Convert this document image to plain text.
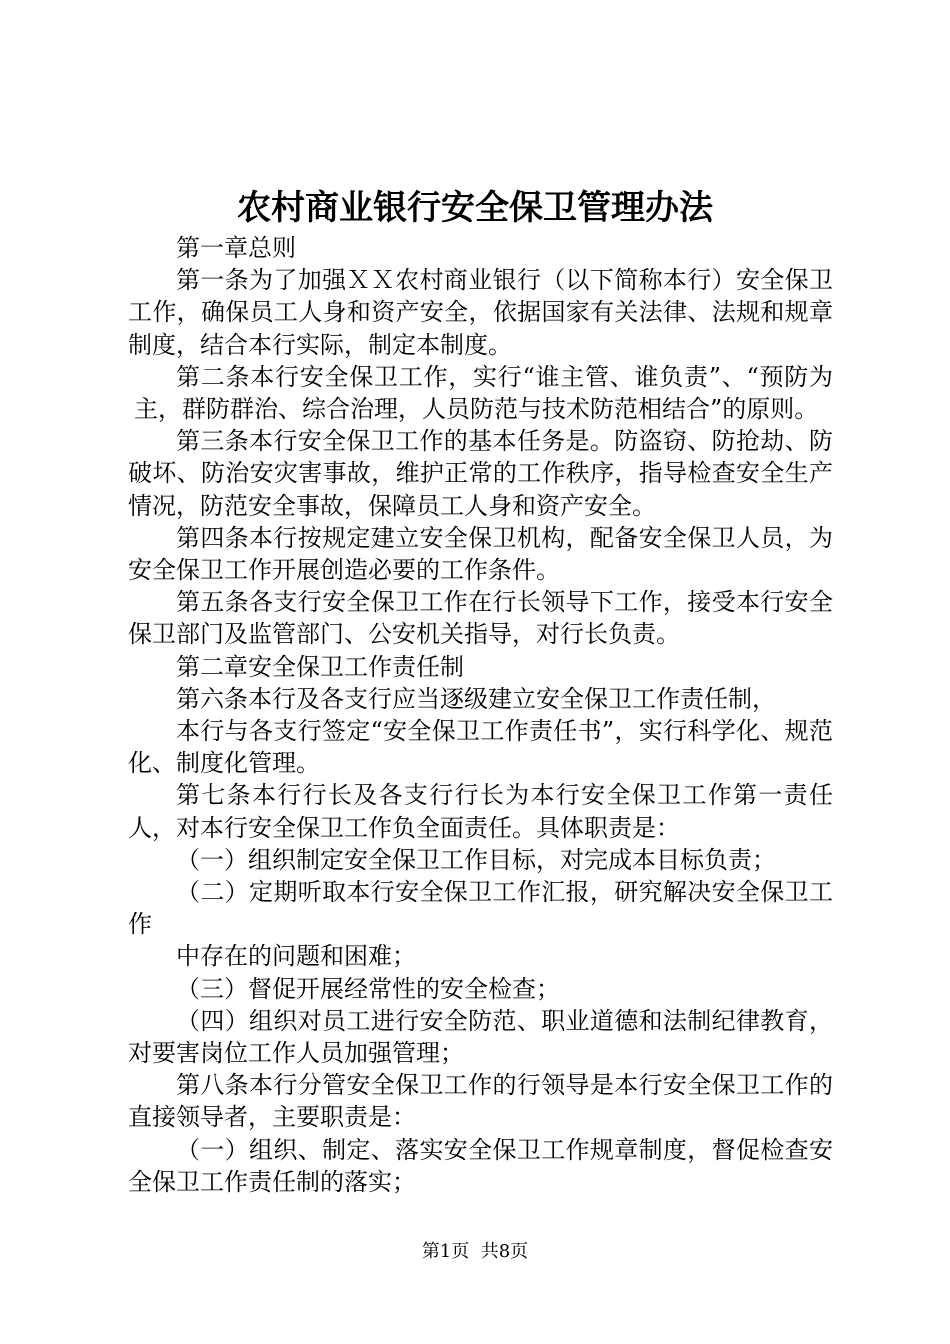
农村商业银行安全保卫管理办法

第一章总则

第一条为了加强ＸＸ农村商业银行（以下简称本行）安全保卫工作，确保员工人身和资产安全，依据国家有关法律、法规和规章制度，结合本行实际，制定本制度。

第二条本行安全保卫工作，实行“谁主管、谁负责”、“预防为主，群防群治、综合治理，人员防范与技术防范相结合”的原则。

第三条本行安全保卫工作的基本任务是。防盗窃、防抢劫、防破坏、防治安灾害事故，维护正常的工作秩序，指导检查安全生产情况，防范安全事故，保障员工人身和资产安全。

第四条本行按规定建立安全保卫机构，配备安全保卫人员，为安全保卫工作开展创造必要的工作条件。

第五条各支行安全保卫工作在行长领导下工作，接受本行安全保卫部门及监管部门、公安机关指导，对行长负责。

第二章安全保卫工作责任制

第六条本行及各支行应当逐级建立安全保卫工作责任制，

本行与各支行签定“安全保卫工作责任书”，实行科学化、规范化、制度化管理。

第七条本行行长及各支行行长为本行安全保卫工作第一责任人，对本行安全保卫工作负全面责任。具体职责是：

（一）组织制定安全保卫工作目标，对完成本目标负责；

（二）定期听取本行安全保卫工作汇报，研究解决安全保卫工作

中存在的问题和困难；

（三）督促开展经常性的安全检查；

（四）组织对员工进行安全防范、职业道德和法制纪律教育，对要害岗位工作人员加强管理；

第八条本行分管安全保卫工作的行领导是本行安全保卫工作的直接领导者，主要职责是：

（一）组织、制定、落实安全保卫工作规章制度，督促检查安全保卫工作责任制的落实；

第1页  共8页
